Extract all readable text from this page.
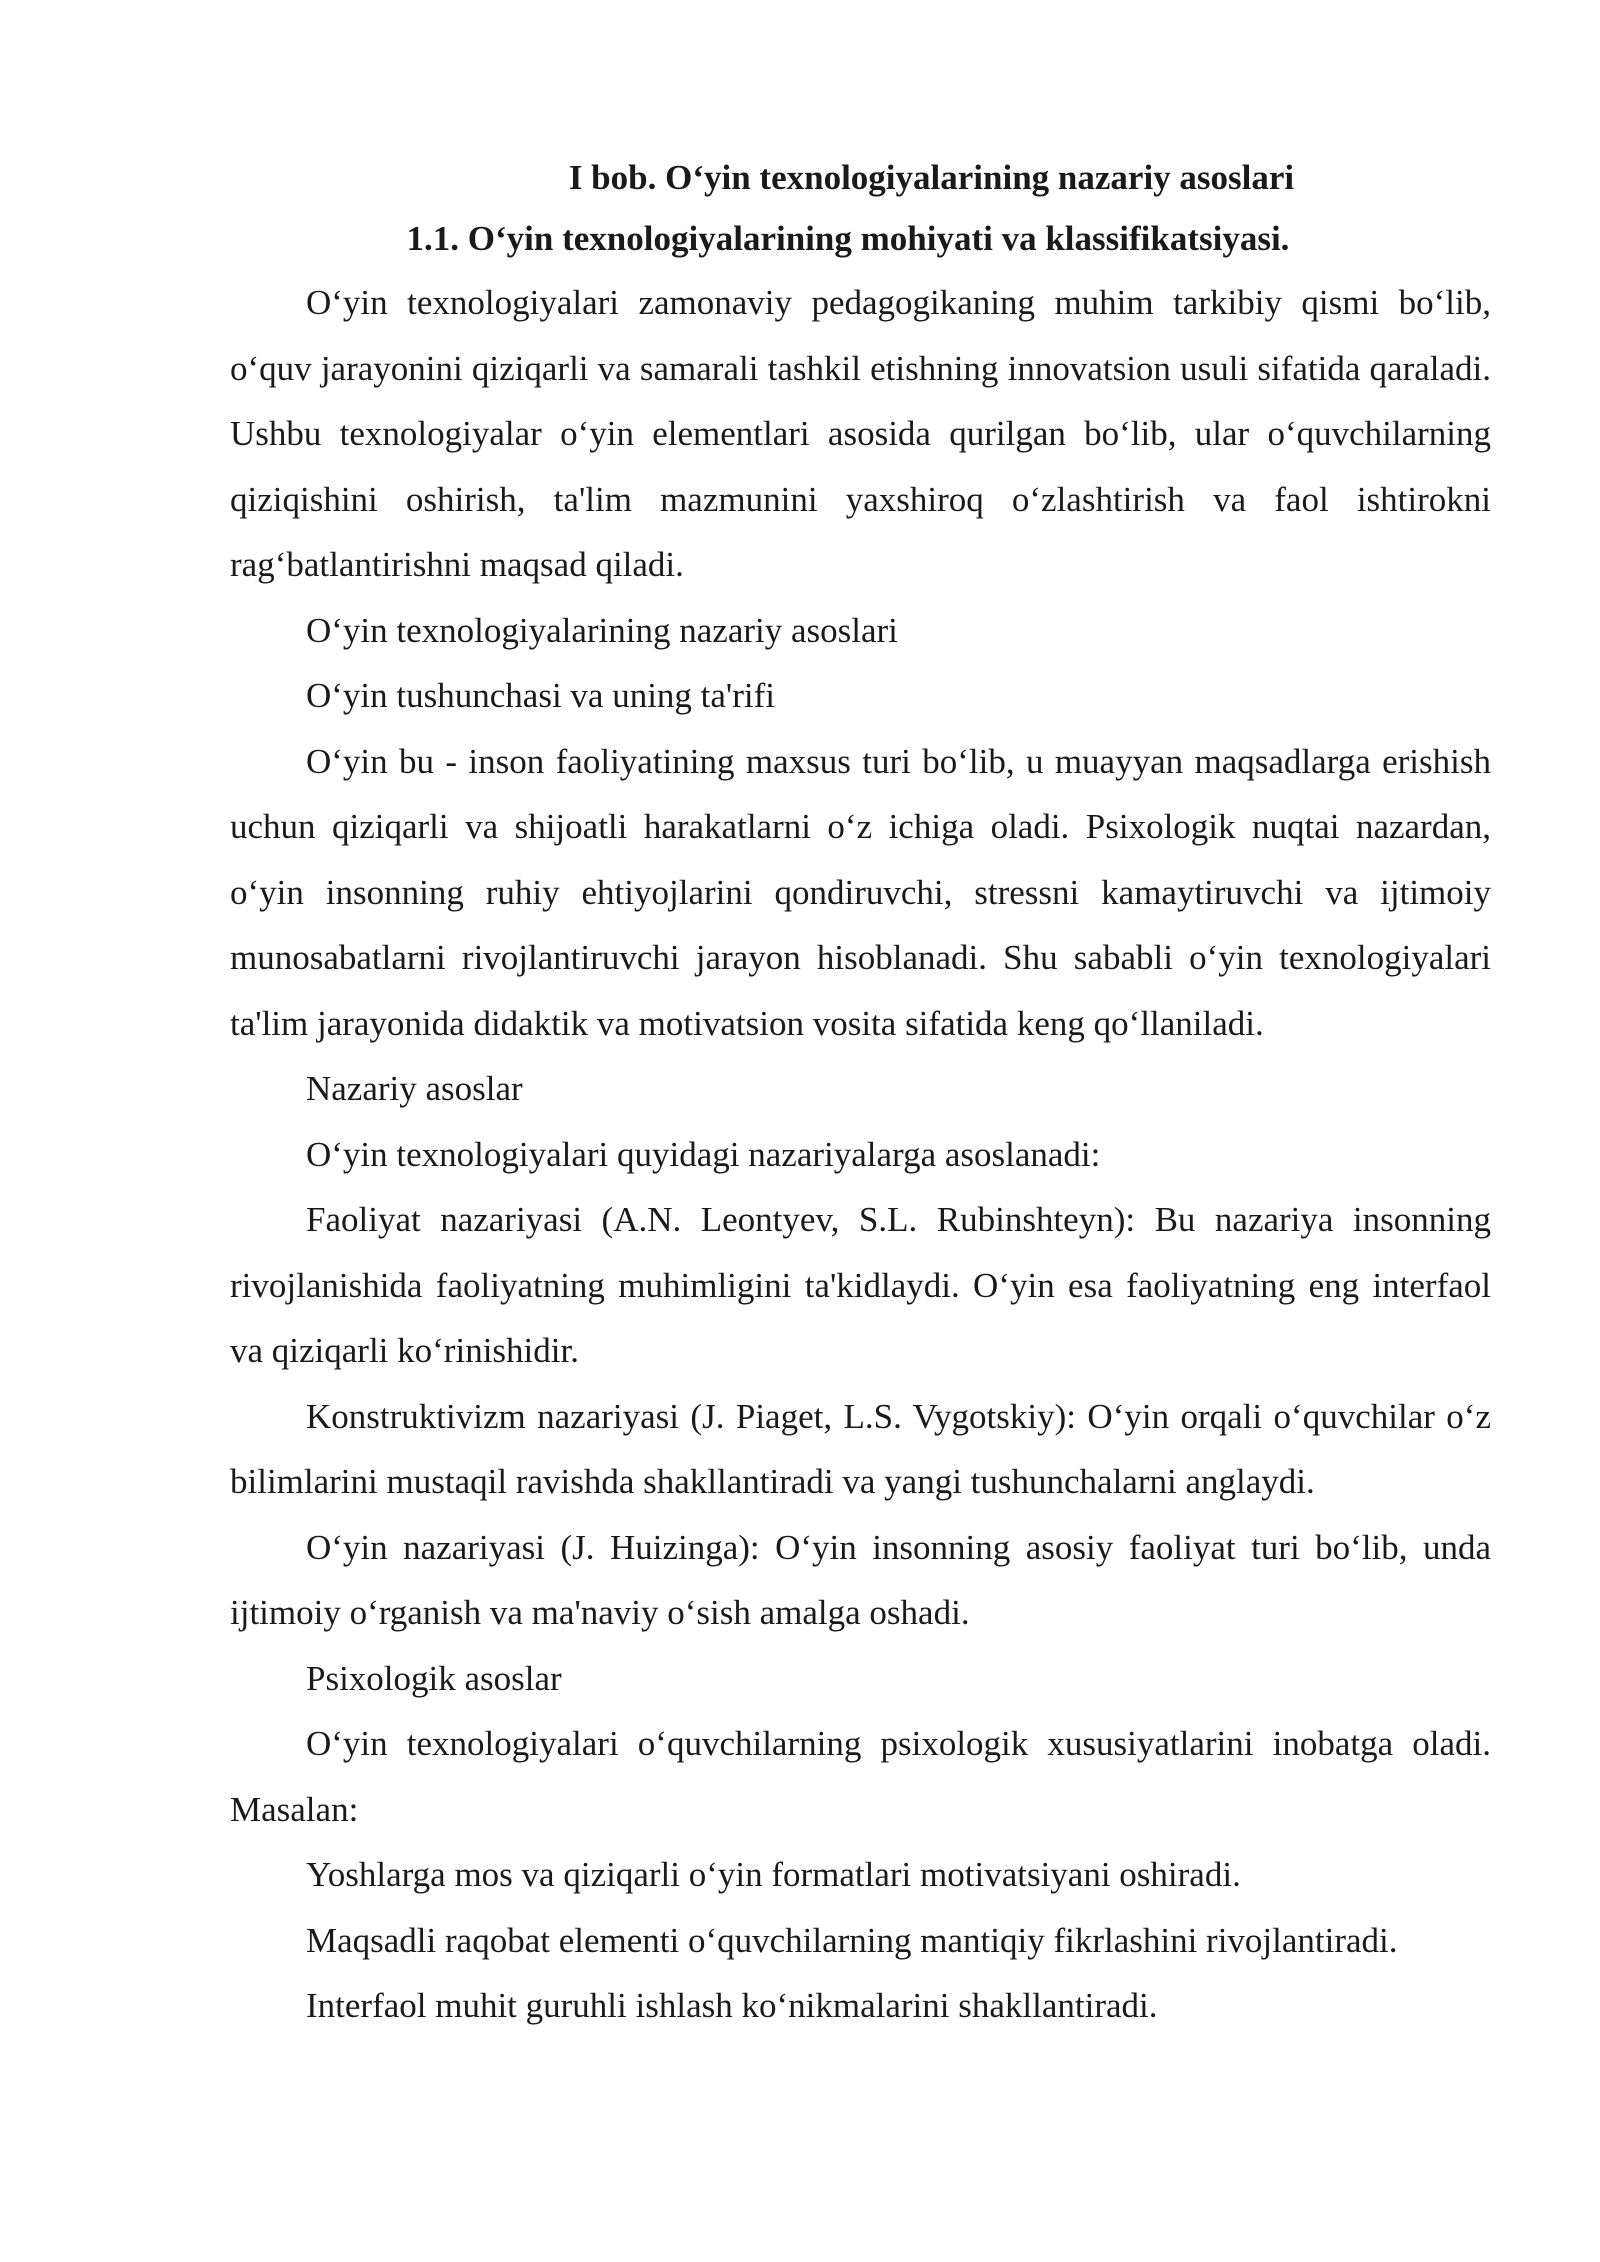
I bob. O‘yin texnologiyalarining nazariy asoslari
1.1. O‘yin texnologiyalarining mohiyati va klassifikatsiyasi.

O‘yin texnologiyalari zamonaviy pedagogikaning muhim tarkibiy qismi bo‘lib, o‘quv jarayonini qiziqarli va samarali tashkil etishning innovatsion usuli sifatida qaraladi. Ushbu texnologiyalar o‘yin elementlari asosida qurilgan bo‘lib, ular o‘quvchilarning qiziqishini oshirish, ta'lim mazmunini yaxshiroq o‘zlashtirish va faol ishtirokni rag‘batlantirishni maqsad qiladi.

O‘yin texnologiyalarining nazariy asoslari

O‘yin tushunchasi va uning ta'rifi

O‘yin bu - inson faoliyatining maxsus turi bo‘lib, u muayyan maqsadlarga erishish uchun qiziqarli va shijoatli harakatlarni o‘z ichiga oladi. Psixologik nuqtai nazardan, o‘yin insonning ruhiy ehtiyojlarini qondiruvchi, stressni kamaytiruvchi va ijtimoiy munosabatlarni rivojlantiruvchi jarayon hisoblanadi. Shu sababli o‘yin texnologiyalari ta'lim jarayonida didaktik va motivatsion vosita sifatida keng qo‘llaniladi.

Nazariy asoslar

O‘yin texnologiyalari quyidagi nazariyalarga asoslanadi:

Faoliyat nazariyasi (A.N. Leontyev, S.L. Rubinshteyn): Bu nazariya insonning rivojlanishida faoliyatning muhimligini ta'kidlaydi. O‘yin esa faoliyatning eng interfaol va qiziqarli ko‘rinishidir.

Konstruktivizm nazariyasi (J. Piaget, L.S. Vygotskiy): O‘yin orqali o‘quvchilar o‘z bilimlarini mustaqil ravishda shakllantiradi va yangi tushunchalarni anglaydi.

O‘yin nazariyasi (J. Huizinga): O‘yin insonning asosiy faoliyat turi bo‘lib, unda ijtimoiy o‘rganish va ma'naviy o‘sish amalga oshadi.

Psixologik asoslar

O‘yin texnologiyalari o‘quvchilarning psixologik xususiyatlarini inobatga oladi. Masalan:

Yoshlarga mos va qiziqarli o‘yin formatlari motivatsiyani oshiradi.

Maqsadli raqobat elementi o‘quvchilarning mantiqiy fikrlashini rivojlantiradi.

Interfaol muhit guruhli ishlash ko‘nikmalarini shakllantiradi.
